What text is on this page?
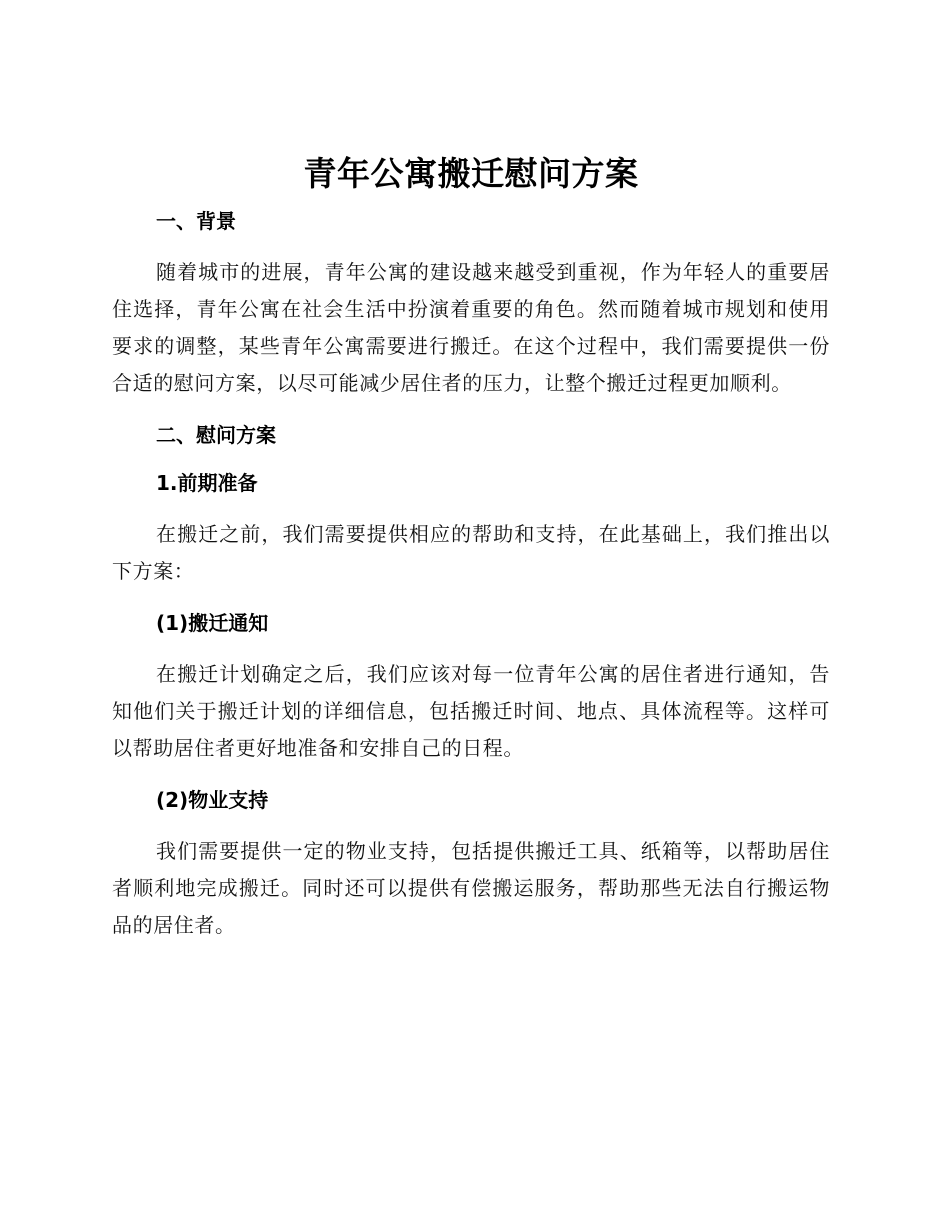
青年公寓搬迁慰问方案
一、背景

随着城市的进展，青年公寓的建设越来越受到重视，作为年轻人的重要居住选择，青年公寓在社会生活中扮演着重要的角色。然而随着城市规划和使用要求的调整，某些青年公寓需要进行搬迁。在这个过程中，我们需要提供一份合适的慰问方案，以尽可能减少居住者的压力，让整个搬迁过程更加顺利。

二、慰问方案
1.前期准备

在搬迁之前，我们需要提供相应的帮助和支持，在此基础上，我们推出以下方案：

(1)搬迁通知

在搬迁计划确定之后，我们应该对每一位青年公寓的居住者进行通知，告知他们关于搬迁计划的详细信息，包括搬迁时间、地点、具体流程等。这样可以帮助居住者更好地准备和安排自己的日程。

(2)物业支持

我们需要提供一定的物业支持，包括提供搬迁工具、纸箱等，以帮助居住者顺利地完成搬迁。同时还可以提供有偿搬运服务，帮助那些无法自行搬运物品的居住者。
